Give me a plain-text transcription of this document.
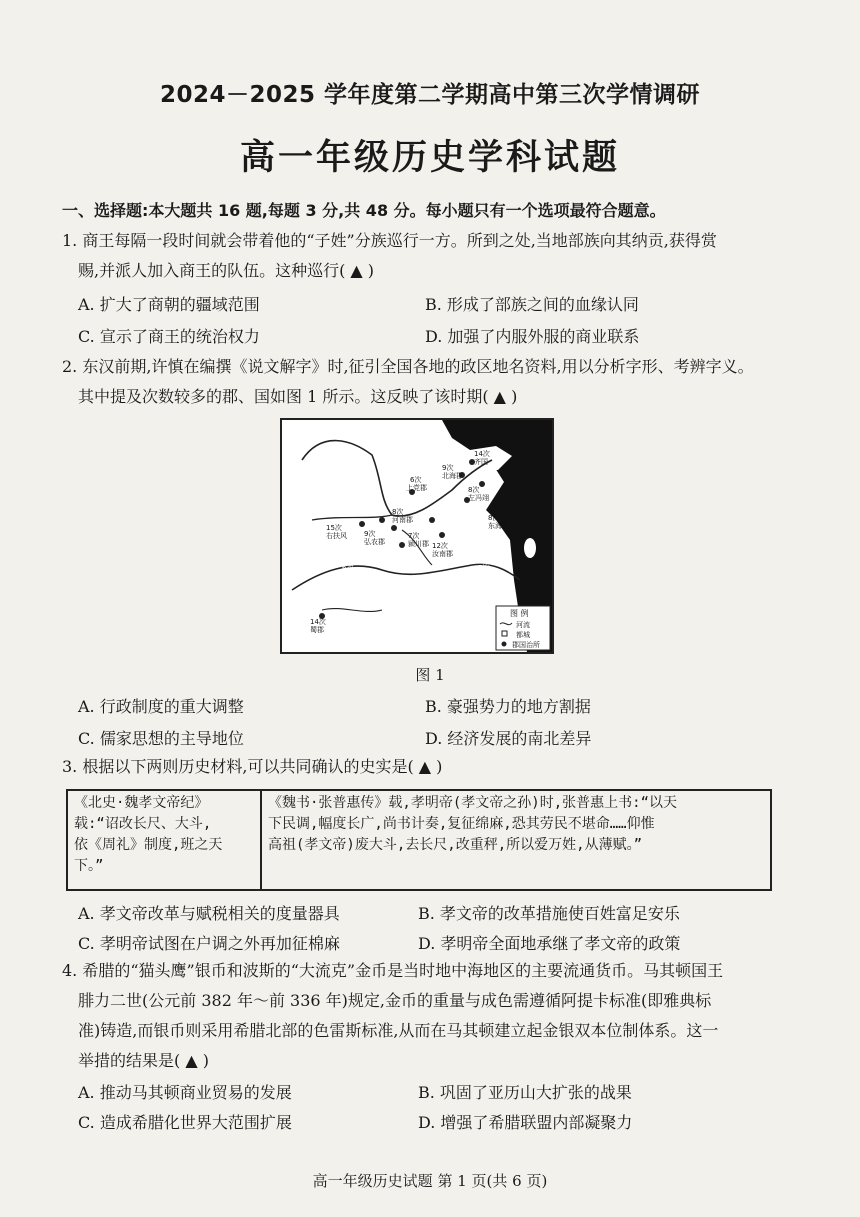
2024－2025 学年度第二学期高中第三次学情调研
高一年级历史学科试题
一、选择题:本大题共 16 题,每题 3 分,共 48 分。每小题只有一个选项最符合题意。
1. 商王每隔一段时间就会带着他的“子姓”分族巡行一方。所到之处,当地部族向其纳贡,获得赏
赐,并派人加入商王的队伍。这种巡行( ▲ )
A. 扩大了商朝的疆域范围	B. 形成了部族之间的血缘认同
C. 宣示了商王的统治权力	D. 加强了内服外服的商业联系
2. 东汉前期,许慎在编撰《说文解字》时,征引全国各地的政区地名资料,用以分析字形、考辨字义。
其中提及次数较多的郡、国如图 1 所示。这反映了该时期( ▲ )
14次
齐国
8次
左冯翊
6次
上党郡
8次
河南郡
15次
右扶风 9次
弘农郡
7次
颍川郡 12次
汝南郡
14次
蜀郡
图 例
河流
都城
郡国治所
9次
北海郡
8次
东海郡
6次
沛国
5次
南阳郡
图 1
A. 行政制度的重大调整	B. 豪强势力的地方割据
C. 儒家思想的主导地位	D. 经济发展的南北差异
3. 根据以下两则历史材料,可以共同确认的史实是( ▲ )
《北史·魏孝文帝纪》
载:“诏改长尺、大斗,
依《周礼》制度,班之天
下。”
《魏书·张普惠传》载,孝明帝(孝文帝之孙)时,张普惠上书:“以天
下民调,幅度长广,尚书计奏,复征绵麻,恐其劳民不堪命……仰惟
高祖(孝文帝)废大斗,去长尺,改重秤,所以爱万姓,从薄赋。”
A. 孝文帝改革与赋税相关的度量器具	B. 孝文帝的改革措施使百姓富足安乐
C. 孝明帝试图在户调之外再加征棉麻	D. 孝明帝全面地承继了孝文帝的政策
4. 希腊的“猫头鹰”银币和波斯的“大流克”金币是当时地中海地区的主要流通货币。马其顿国王
腓力二世(公元前 382 年～前 336 年)规定,金币的重量与成色需遵循阿提卡标准(即雅典标
准)铸造,而银币则采用希腊北部的色雷斯标准,从而在马其顿建立起金银双本位制体系。这一
举措的结果是( ▲ )
A. 推动马其顿商业贸易的发展	B. 巩固了亚历山大扩张的战果
C. 造成希腊化世界大范围扩展	D. 增强了希腊联盟内部凝聚力
高一年级历史试题 第 1 页(共 6 页)
